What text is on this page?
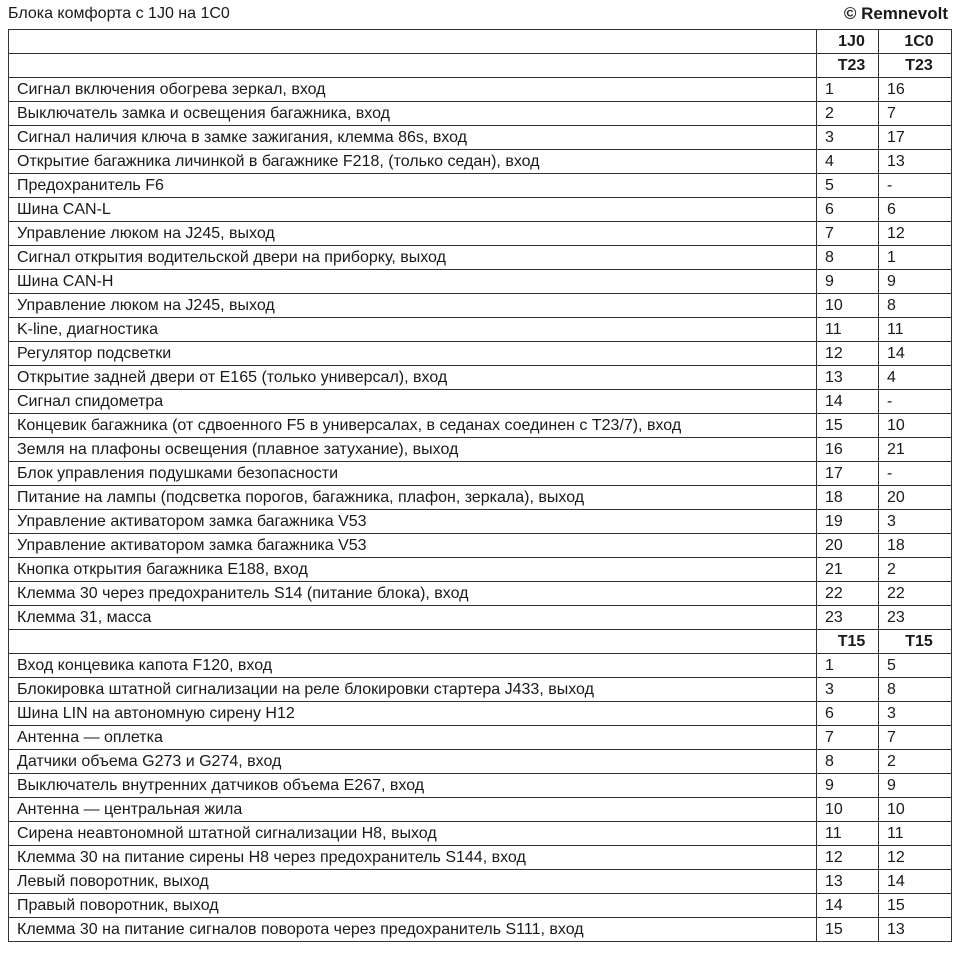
Блока комфорта с 1J0 на 1C0	© Remnevolt
	1J0	1C0
	T23	T23
Сигнал включения обогрева зеркал, вход	1	16
Выключатель замка и освещения багажника, вход	2	7
Сигнал наличия ключа в замке зажигания, клемма 86s, вход	3	17
Открытие багажника личинкой в багажнике F218, (только седан), вход	4	13
Предохранитель F6	5	-
Шина CAN-L	6	6
Управление люком на J245, выход	7	12
Сигнал открытия водительской двери на приборку, выход	8	1
Шина CAN-H	9	9
Управление люком на J245, выход	10	8
K-line, диагностика	11	11
Регулятор подсветки	12	14
Открытие задней двери от E165 (только универсал), вход	13	4
Сигнал спидометра	14	-
Концевик багажника (от сдвоенного F5 в универсалах, в седанах соединен с T23/7), вход	15	10
Земля на плафоны освещения (плавное затухание), выход	16	21
Блок управления подушками безопасности	17	-
Питание на лампы (подсветка порогов, багажника, плафон, зеркала), выход	18	20
Управление активатором замка багажника V53	19	3
Управление активатором замка багажника V53	20	18
Кнопка открытия багажника E188, вход	21	2
Клемма 30 через предохранитель S14 (питание блока), вход	22	22
Клемма 31, масса	23	23
	T15	T15
Вход концевика капота F120, вход	1	5
Блокировка штатной сигнализации на реле блокировки стартера J433, выход	3	8
Шина LIN на автономную сирену H12	6	3
Антенна — оплетка	7	7
Датчики объема G273 и G274, вход	8	2
Выключатель внутренних датчиков объема E267, вход	9	9
Антенна — центральная жила	10	10
Сирена неавтономной штатной сигнализации H8, выход	11	11
Клемма 30 на питание сирены H8 через предохранитель S144, вход	12	12
Левый поворотник, выход	13	14
Правый поворотник, выход	14	15
Клемма 30 на питание сигналов поворота через предохранитель S111, вход	15	13
